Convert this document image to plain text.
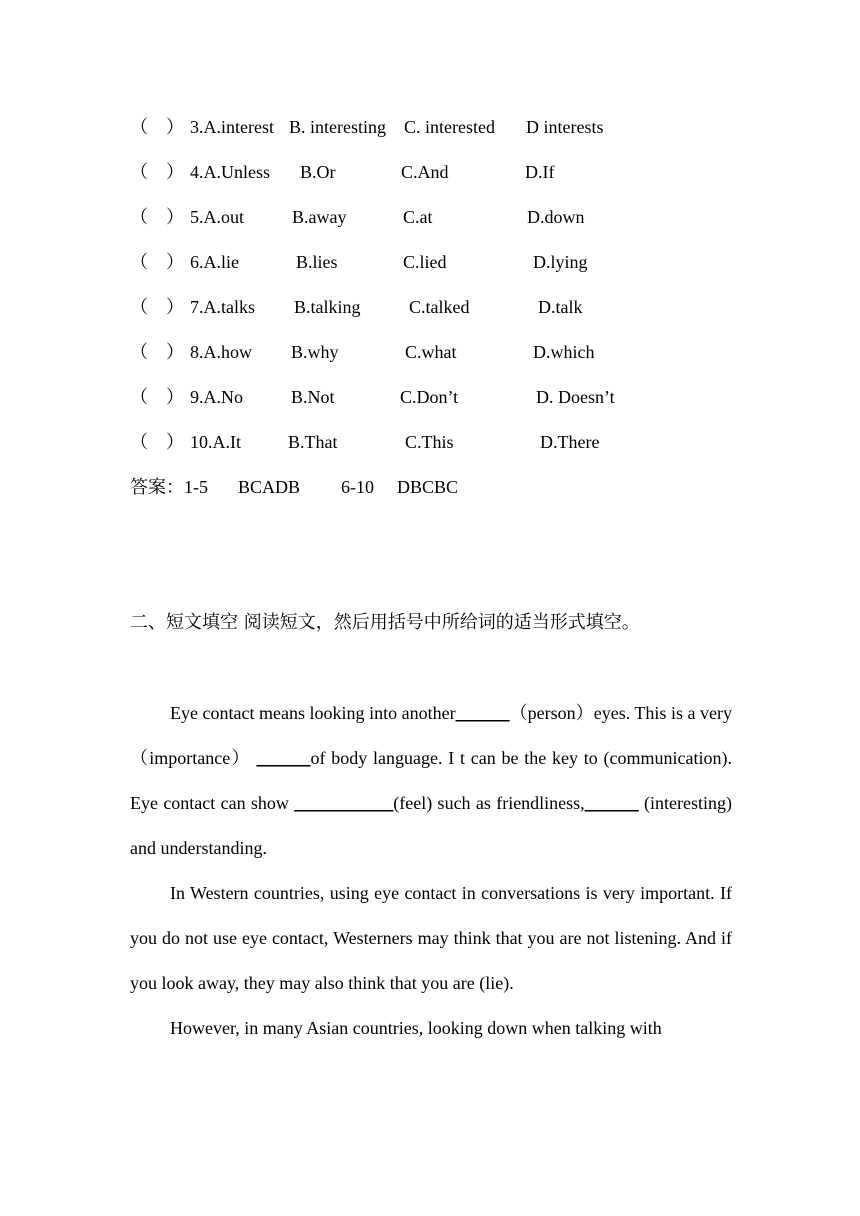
（　） 3.A.interest B. interesting C. interested D interests
（　） 4.A.Unless B.Or	C.And	D.If
（　） 5.A.out	B.away	C.at	D.down
（　） 6.A.lie	B.lies	C.lied	D.lying
（　） 7.A.talks B.talking	C.talked	D.talk
（　） 8.A.how B.why	C.what	D.which
（　） 9.A.No	B.Not	C.Don’t	D. Doesn’t
（　） 10.A.It	B.That	C.This	D.There
答案：1-5 BCADB 6-10 DBCBC
二、短文填空 阅读短文，然后用括号中所给词的适当形式填空。

Eye contact means looking into another______（person）eyes. This is a very （importance） ______of body language. I t can be the key to (communication). Eye contact can show ___________(feel) such as friendliness,______ (interesting) and understanding.

In Western countries, using eye contact in conversations is very important. If you do not use eye contact, Westerners may think that you are not listening. And if you look away, they may also think that you are (lie).

However, in many Asian countries, looking down when talking with
